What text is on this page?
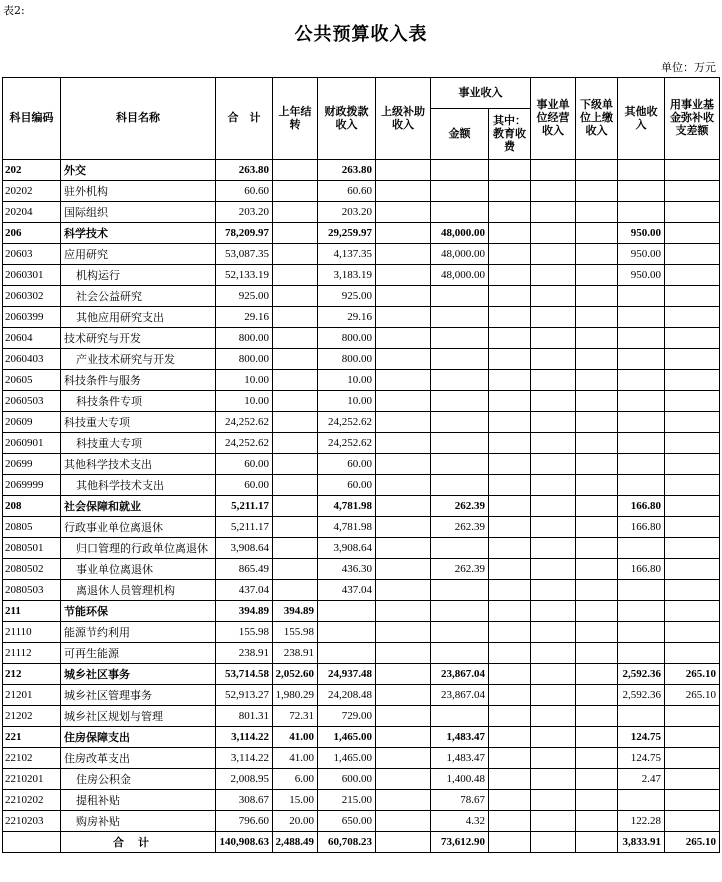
表2:
公共预算收入表
单位：万元
科目编码	科目名称	合　计	上年结转	财政拨款收入	上级补助收入	事业收入		事业单位经营收入	下级单位上缴收入	其他收入	用事业基金弥补收支差额
						金额	其中：教育收费				
202	外交	263.80		263.80							
20202	驻外机构	60.60		60.60							
20204	国际组织	203.20		203.20							
206	科学技术	78,209.97		29,259.97		48,000.00				950.00	
20603	应用研究	53,087.35		4,137.35		48,000.00				950.00	
2060301	机构运行	52,133.19		3,183.19		48,000.00				950.00	
2060302	社会公益研究	925.00		925.00							
2060399	其他应用研究支出	29.16		29.16							
20604	技术研究与开发	800.00		800.00							
2060403	产业技术研究与开发	800.00		800.00							
20605	科技条件与服务	10.00		10.00							
2060503	科技条件专项	10.00		10.00							
20609	科技重大专项	24,252.62		24,252.62							
2060901	科技重大专项	24,252.62		24,252.62							
20699	其他科学技术支出	60.00		60.00							
2069999	其他科学技术支出	60.00		60.00							
208	社会保障和就业	5,211.17		4,781.98		262.39				166.80	
20805	行政事业单位离退休	5,211.17		4,781.98		262.39				166.80	
2080501	归口管理的行政单位离退休	3,908.64		3,908.64							
2080502	事业单位离退休	865.49		436.30		262.39				166.80	
2080503	离退休人员管理机构	437.04		437.04							
211	节能环保	394.89	394.89								
21110	能源节约利用	155.98	155.98								
21112	可再生能源	238.91	238.91								
212	城乡社区事务	53,714.58	2,052.60	24,937.48		23,867.04				2,592.36	265.10
21201	城乡社区管理事务	52,913.27	1,980.29	24,208.48		23,867.04				2,592.36	265.10
21202	城乡社区规划与管理	801.31	72.31	729.00							
221	住房保障支出	3,114.22	41.00	1,465.00		1,483.47				124.75	
22102	住房改革支出	3,114.22	41.00	1,465.00		1,483.47				124.75	
2210201	住房公积金	2,008.95	6.00	600.00		1,400.48				2.47	
2210202	提租补贴	308.67	15.00	215.00		78.67					
2210203	购房补贴	796.60	20.00	650.00		4.32				122.28	
	合计	140,908.63	2,488.49	60,708.23		73,612.90				3,833.91	265.10
